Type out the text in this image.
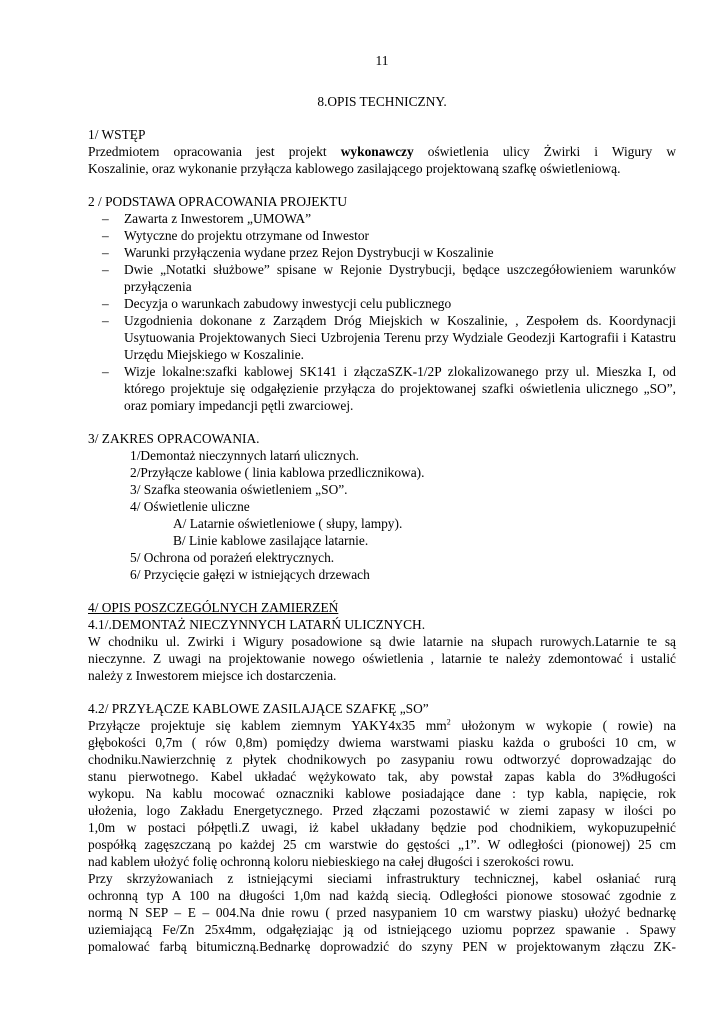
11
8.OPIS TECHNICZNY.
1/ WSTĘP
Przedmiotem opracowania jest projekt wykonawczy oświetlenia ulicy Żwirki i Wigury w
Koszalinie, oraz wykonanie przyłącza kablowego zasilającego projektowaną szafkę oświetleniową.
2 / PODSTAWA OPRACOWANIA PROJEKTU
– Zawarta z Inwestorem „UMOWA”
– Wytyczne do projektu otrzymane od Inwestor
– Warunki przyłączenia wydane przez Rejon Dystrybucji w Koszalinie
– Dwie „Notatki służbowe” spisane w Rejonie Dystrybucji, będące uszczegółowieniem warunków przyłączenia
– Decyzja o warunkach zabudowy inwestycji celu publicznego
– Uzgodnienia dokonane z Zarządem Dróg Miejskich w Koszalinie, , Zespołem ds. Koordynacji Usytuowania Projektowanych Sieci Uzbrojenia Terenu przy Wydziale Geodezji Kartografii i Katastru Urzędu Miejskiego w Koszalinie.
– Wizje lokalne:szafki kablowej SK141 i złączaSZK-1/2P zlokalizowanego przy ul. Mieszka I, od którego projektuje się odgałęzienie przyłącza do projektowanej szafki oświetlenia ulicznego „SO”, oraz pomiary impedancji pętli zwarciowej.
3/ ZAKRES OPRACOWANIA.
1/Demontaż nieczynnych latarń ulicznych.
2/Przyłącze kablowe ( linia kablowa przedlicznikowa).
3/ Szafka steowania oświetleniem „SO”.
4/ Oświetlenie uliczne
A/ Latarnie oświetleniowe ( słupy, lampy).
B/ Linie kablowe zasilające latarnie.
5/ Ochrona od porażeń elektrycznych.
6/ Przycięcie gałęzi w istniejących drzewach
4/ OPIS POSZCZEGÓLNYCH ZAMIERZEŃ
4.1/.DEMONTAŻ NIECZYNNYCH LATARŃ ULICZNYCH.
W chodniku ul. Zwirki i Wigury posadowione są dwie latarnie na słupach rurowych.Latarnie te są
nieczynne. Z uwagi na projektowanie nowego oświetlenia , latarnie te należy zdemontować i ustalić
należy z Inwestorem miejsce ich dostarczenia.
4.2/ PRZYŁĄCZE KABLOWE ZASILAJĄCE SZAFKĘ „SO”
Przyłącze projektuje się kablem ziemnym YAKY4x35 $mm^2$ ułożonym w wykopie ( rowie) na
głębokości 0,7m ( rów 0,8m) pomiędzy dwiema warstwami piasku każda o grubości 10 cm, w
chodniku.Nawierzchnię z płytek chodnikowych po zasypaniu rowu odtworzyć doprowadzając do
stanu pierwotnego. Kabel układać wężykowato tak, aby powstał zapas kabla do 3%długości
wykopu. Na kablu mocować oznaczniki kablowe posiadające dane : typ kabla, napięcie, rok
ułożenia, logo Zakładu Energetycznego. Przed złączami pozostawić w ziemi zapasy w ilości po
1,0m w postaci półpętli.Z uwagi, iż kabel układany będzie pod chodnikiem, wykopuzupełnić
pospółką zagęszczaną po każdej 25 cm warstwie do gęstości „1”. W odległości (pionowej) 25 cm
nad kablem ułożyć folię ochronną koloru niebieskiego na całej długości i szerokości rowu.
Przy skrzyżowaniach z istniejącymi sieciami infrastruktury technicznej, kabel osłaniać rurą
ochronną typ A 100 na długości 1,0m nad każdą siecią. Odległości pionowe stosować zgodnie z
normą N SEP – E – 004.Na dnie rowu ( przed nasypaniem 10 cm warstwy piasku) ułożyć bednarkę
uziemiającą Fe/Zn 25x4mm, odgałęziając ją od istniejącego uziomu poprzez spawanie . Spawy
pomalować farbą bitumiczną.Bednarkę doprowadzić do szyny PEN w projektowanym złączu ZK-
